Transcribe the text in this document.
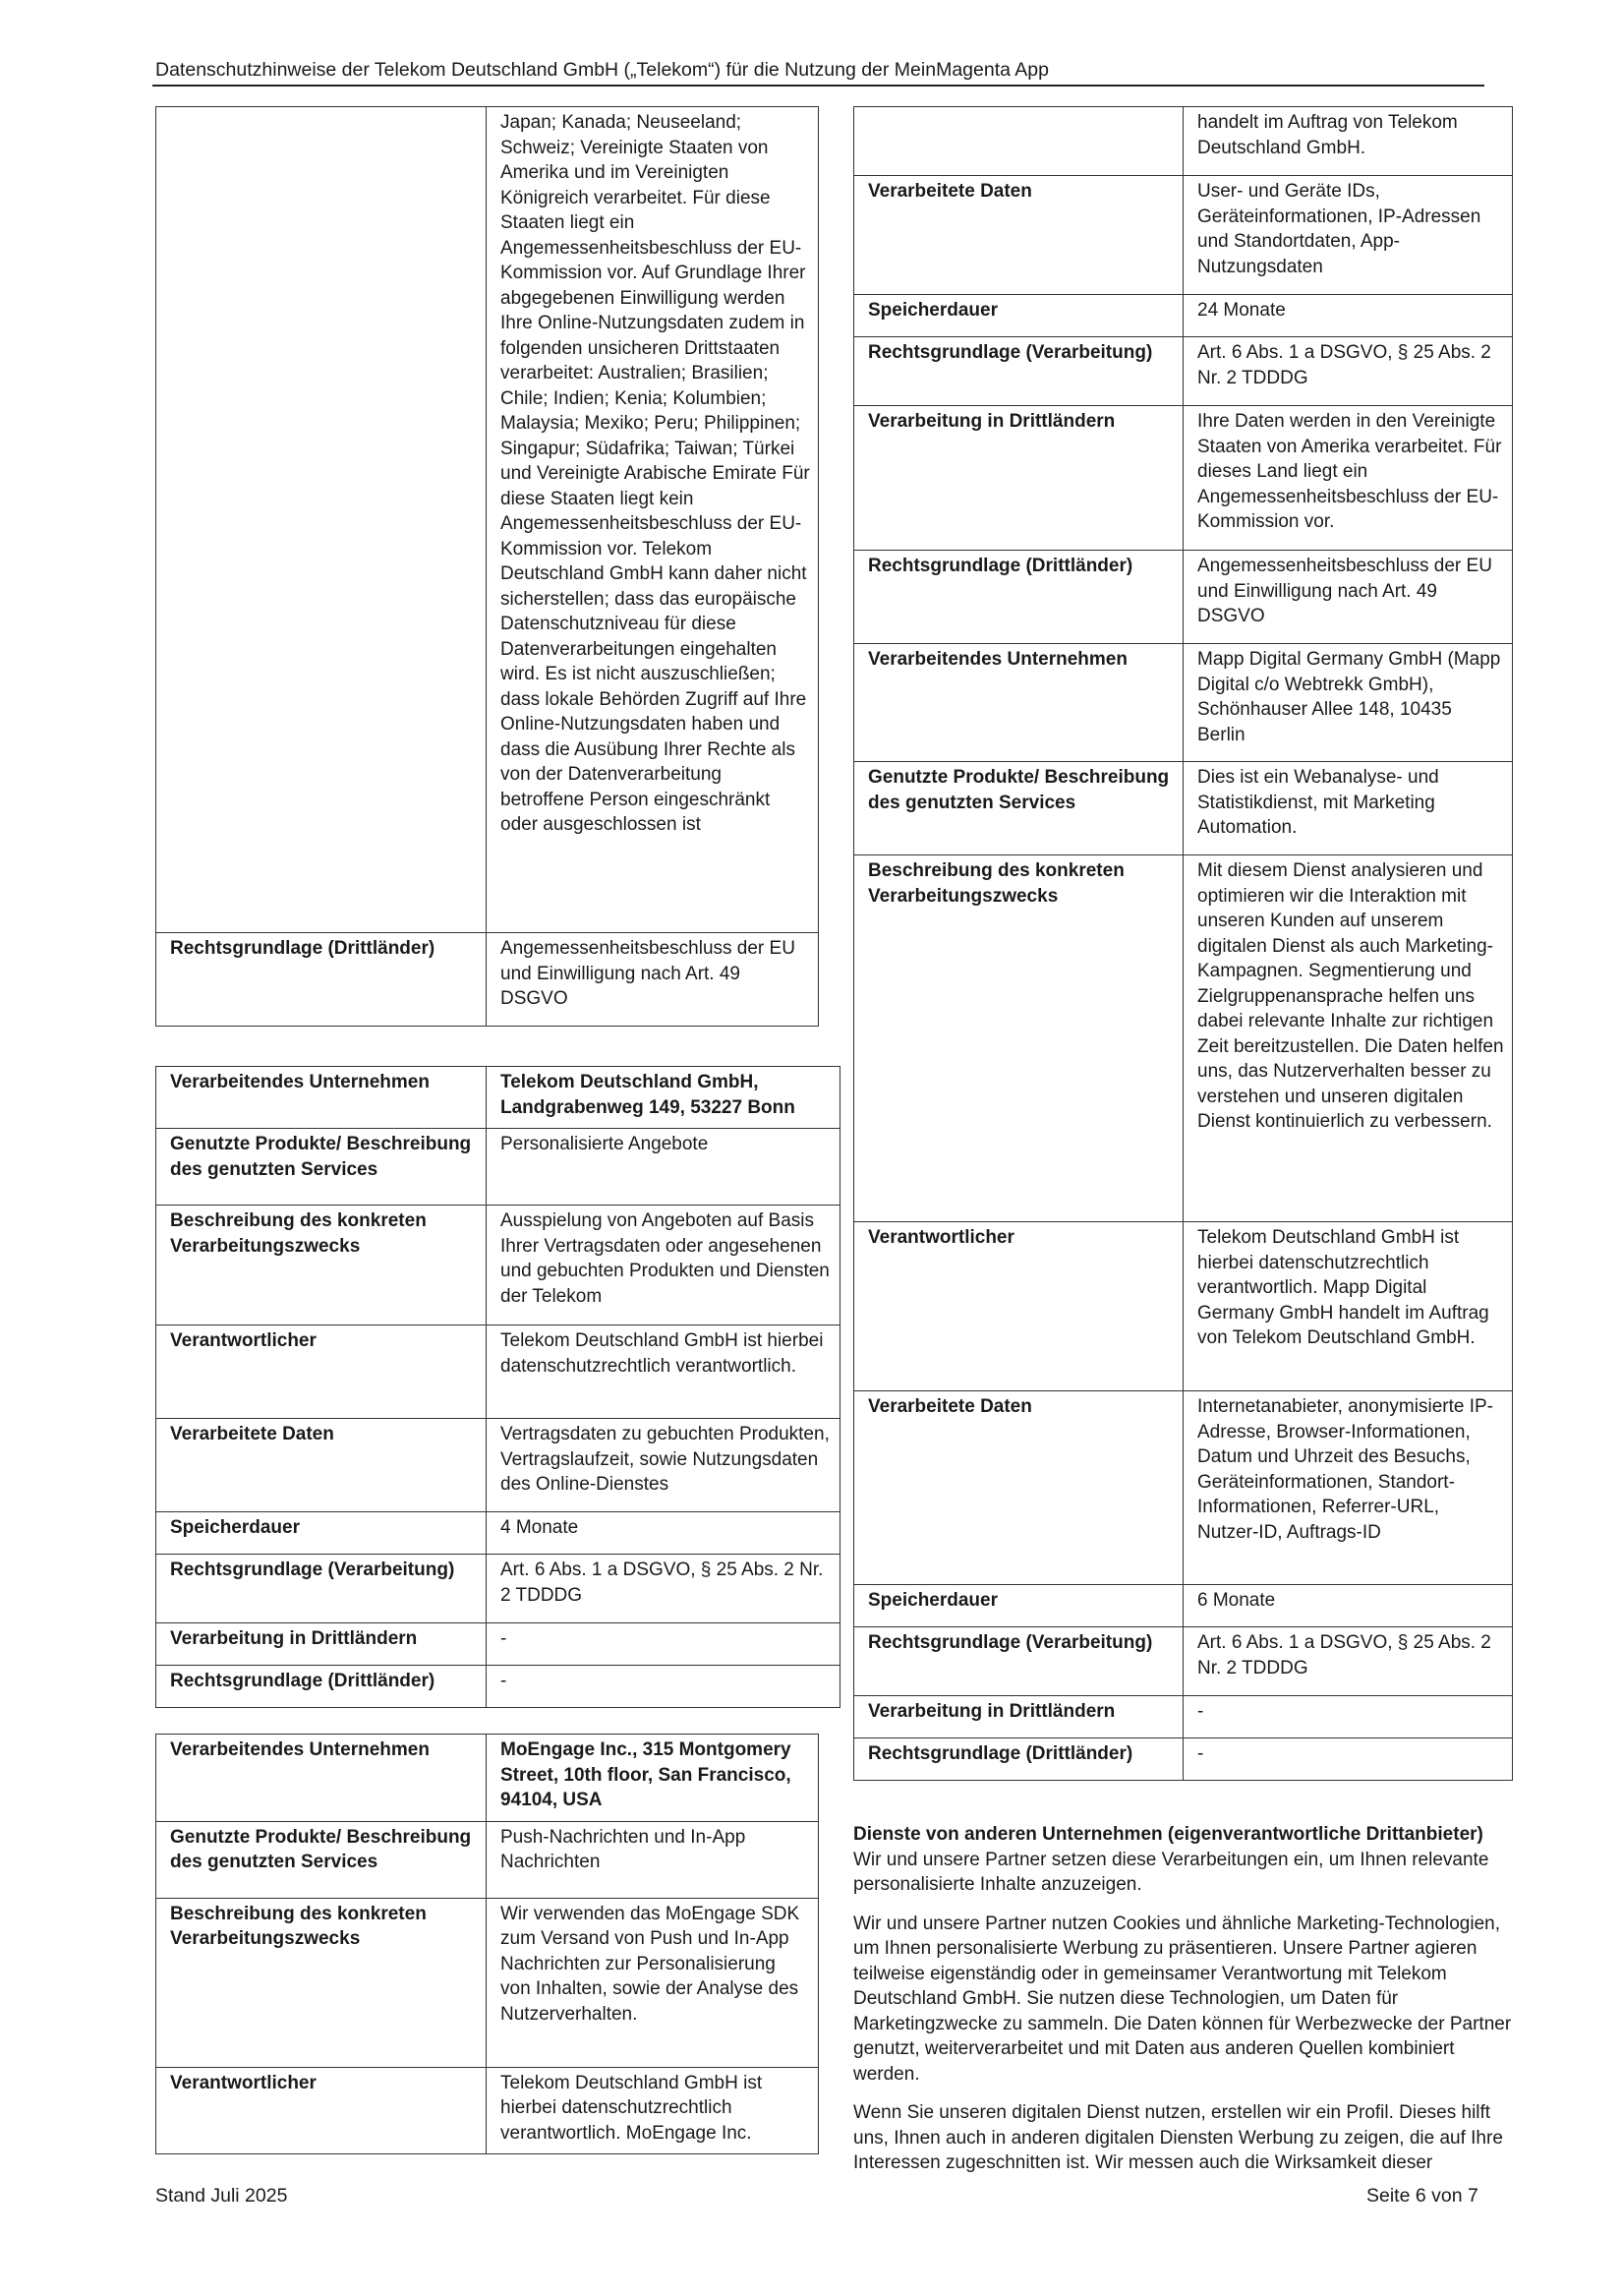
Datenschutzhinweise der Telekom Deutschland GmbH („Telekom“) für die Nutzung der MeinMagenta App
	Japan; Kanada; Neuseeland; Schweiz; Vereinigte Staaten von Amerika und im Vereinigten Königreich verarbeitet. Für diese Staaten liegt ein Angemessenheitsbeschluss der EU-Kommission vor. Auf Grundlage Ihrer abgegebenen Einwilligung werden Ihre Online-Nutzungsdaten zudem in folgenden unsicheren Drittstaaten verarbeitet: Australien; Brasilien; Chile; Indien; Kenia; Kolumbien; Malaysia; Mexiko; Peru; Philippinen; Singapur; Südafrika; Taiwan; Türkei und Vereinigte Arabische Emirate Für diese Staaten liegt kein Angemessenheitsbeschluss der EU-Kommission vor. Telekom Deutschland GmbH kann daher nicht sicherstellen; dass das europäische Datenschutzniveau für diese Datenverarbeitungen eingehalten wird. Es ist nicht auszuschließen; dass lokale Behörden Zugriff auf Ihre Online-Nutzungsdaten haben und dass die Ausübung Ihrer Rechte als von der Datenverarbeitung betroffene Person eingeschränkt oder ausgeschlossen ist
Rechtsgrundlage (Drittländer)	Angemessenheitsbeschluss der EU und Einwilligung nach Art. 49 DSGVO
Verarbeitendes Unternehmen	Telekom Deutschland GmbH, Landgrabenweg 149, 53227 Bonn
Genutzte Produkte/ Beschreibung des genutzten Services	Personalisierte Angebote
Beschreibung des konkreten Verarbeitungszwecks	Ausspielung von Angeboten auf Basis Ihrer Vertragsdaten oder angesehenen und gebuchten Produkten und Diensten der Telekom
Verantwortlicher	Telekom Deutschland GmbH ist hierbei datenschutzrechtlich verantwortlich.
Verarbeitete Daten	Vertragsdaten zu gebuchten Produkten, Vertragslaufzeit, sowie Nutzungsdaten des Online-Dienstes
Speicherdauer	4 Monate
Rechtsgrundlage (Verarbeitung)	Art. 6 Abs. 1 a DSGVO, § 25 Abs. 2 Nr. 2 TDDDG
Verarbeitung in Drittländern	-
Rechtsgrundlage (Drittländer)	-
Verarbeitendes Unternehmen	MoEngage Inc., 315 Montgomery Street, 10th floor, San Francisco, 94104, USA
Genutzte Produkte/ Beschreibung des genutzten Services	Push-Nachrichten und In-App Nachrichten
Beschreibung des konkreten Verarbeitungszwecks	Wir verwenden das MoEngage SDK zum Versand von Push und In-App Nachrichten zur Personalisierung von Inhalten, sowie der Analyse des Nutzerverhalten.
Verantwortlicher	Telekom Deutschland GmbH ist hierbei datenschutzrechtlich verantwortlich. MoEngage Inc.
	handelt im Auftrag von Telekom Deutschland GmbH.
Verarbeitete Daten	User- und Geräte IDs, Geräteinformationen, IP-Adressen und Standortdaten, App-Nutzungsdaten
Speicherdauer	24 Monate
Rechtsgrundlage (Verarbeitung)	Art. 6 Abs. 1 a DSGVO, § 25 Abs. 2 Nr. 2 TDDDG
Verarbeitung in Drittländern	Ihre Daten werden in den Vereinigte Staaten von Amerika verarbeitet. Für dieses Land liegt ein Angemessenheitsbeschluss der EU-Kommission vor.
Rechtsgrundlage (Drittländer)	Angemessenheitsbeschluss der EU und Einwilligung nach Art. 49 DSGVO
Verarbeitendes Unternehmen	Mapp Digital Germany GmbH (Mapp Digital c/o Webtrekk GmbH), Schönhauser Allee 148, 10435 Berlin
Genutzte Produkte/ Beschreibung des genutzten Services	Dies ist ein Webanalyse- und Statistikdienst, mit Marketing Automation.
Beschreibung des konkreten Verarbeitungszwecks	Mit diesem Dienst analysieren und optimieren wir die Interaktion mit unseren Kunden auf unserem digitalen Dienst als auch Marketing-Kampagnen. Segmentierung und Zielgruppenansprache helfen uns dabei relevante Inhalte zur richtigen Zeit bereitzustellen. Die Daten helfen uns, das Nutzerverhalten besser zu verstehen und unseren digitalen Dienst kontinuierlich zu verbessern.
Verantwortlicher	Telekom Deutschland GmbH ist hierbei datenschutzrechtlich verantwortlich. Mapp Digital Germany GmbH handelt im Auftrag von Telekom Deutschland GmbH.
Verarbeitete Daten	Internetanabieter, anonymisierte IP-Adresse, Browser-Informationen, Datum und Uhrzeit des Besuchs, Geräteinformationen, Standort-Informationen, Referrer-URL, Nutzer-ID, Auftrags-ID
Speicherdauer	6 Monate
Rechtsgrundlage (Verarbeitung)	Art. 6 Abs. 1 a DSGVO, § 25 Abs. 2 Nr. 2 TDDDG
Verarbeitung in Drittländern	-
Rechtsgrundlage (Drittländer)	-
Dienste von anderen Unternehmen (eigenverantwortliche Drittanbieter)

Wir und unsere Partner setzen diese Verarbeitungen ein, um Ihnen relevante personalisierte Inhalte anzuzeigen.

Wir und unsere Partner nutzen Cookies und ähnliche Marketing-Technologien, um Ihnen personalisierte Werbung zu präsentieren. Unsere Partner agieren teilweise eigenständig oder in gemeinsamer Verantwortung mit Telekom Deutschland GmbH. Sie nutzen diese Technologien, um Daten für Marketingzwecke zu sammeln. Die Daten können für Werbezwecke der Partner genutzt, weiterverarbeitet und mit Daten aus anderen Quellen kombiniert werden.

Wenn Sie unseren digitalen Dienst nutzen, erstellen wir ein Profil. Dieses hilft uns, Ihnen auch in anderen digitalen Diensten Werbung zu zeigen, die auf Ihre Interessen zugeschnitten ist. Wir messen auch die Wirksamkeit dieser

Stand Juli 2025	Seite 6 von 7
